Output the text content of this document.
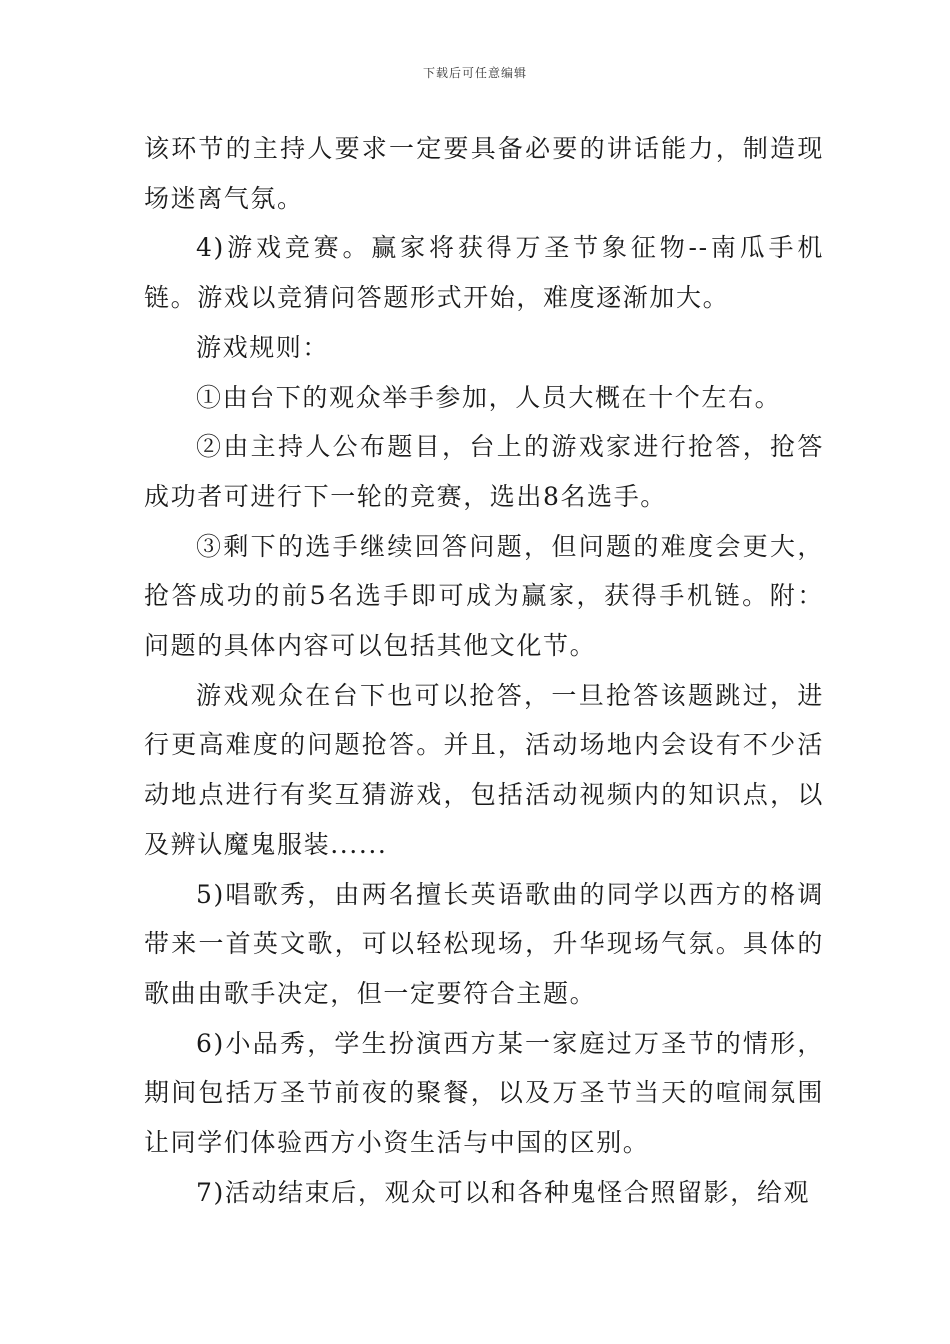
下载后可任意编辑

该环节的主持人要求一定要具备必要的讲话能力，制造现场迷离气氛。

4)游戏竞赛。赢家将获得万圣节象征物--南瓜手机链。游戏以竞猜问答题形式开始，难度逐渐加大。

游戏规则：

①由台下的观众举手参加，人员大概在十个左右。

②由主持人公布题目，台上的游戏家进行抢答，抢答成功者可进行下一轮的竞赛，选出8名选手。

③剩下的选手继续回答问题，但问题的难度会更大，抢答成功的前5名选手即可成为赢家，获得手机链。附：问题的具体内容可以包括其他文化节。

游戏观众在台下也可以抢答，一旦抢答该题跳过，进行更高难度的问题抢答。并且，活动场地内会设有不少活动地点进行有奖互猜游戏，包括活动视频内的知识点，以及辨认魔鬼服装......

5)唱歌秀，由两名擅长英语歌曲的同学以西方的格调带来一首英文歌，可以轻松现场，升华现场气氛。具体的歌曲由歌手决定，但一定要符合主题。

6)小品秀，学生扮演西方某一家庭过万圣节的情形，期间包括万圣节前夜的聚餐，以及万圣节当天的喧闹氛围让同学们体验西方小资生活与中国的区别。

7)活动结束后，观众可以和各种鬼怪合照留影，给观
